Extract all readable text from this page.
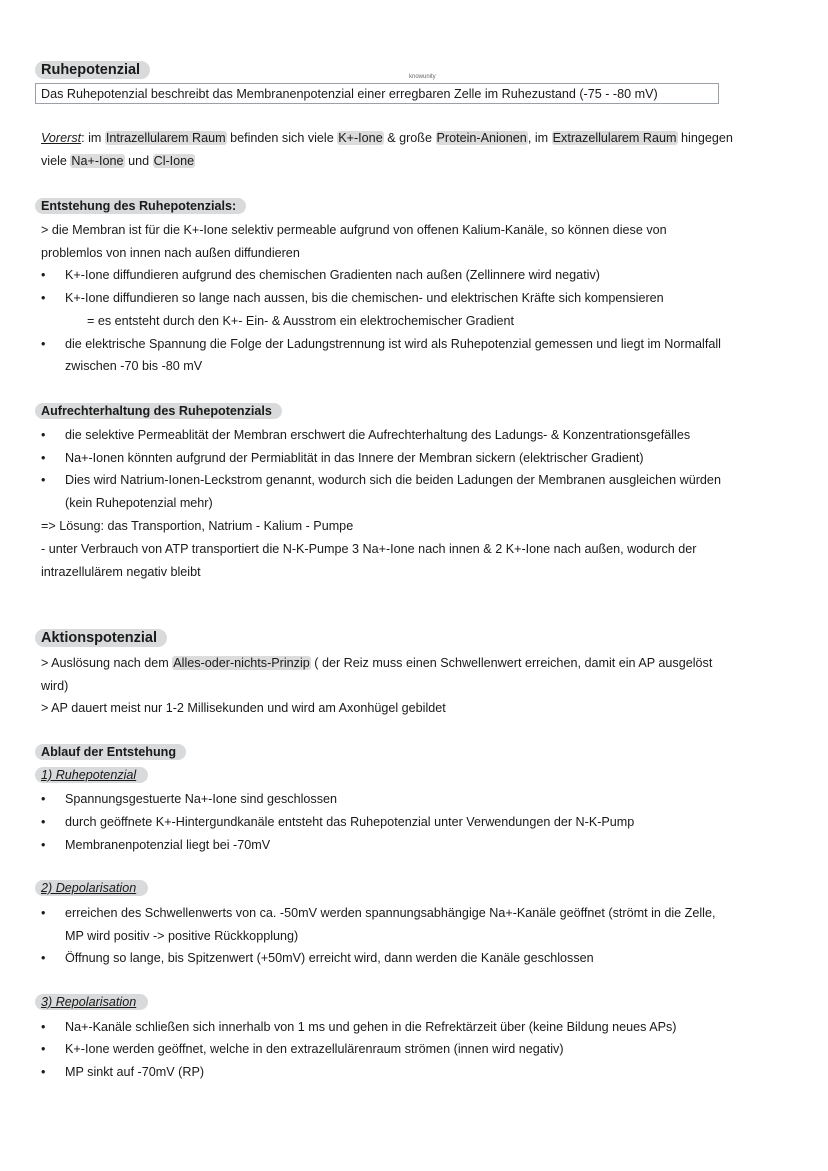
knowunity
Ruhepotenzial
Das Ruhepotenzial beschreibt das Membranenpotenzial einer erregbaren Zelle im Ruhezustand (-75 - -80 mV)
Vorerst: im Intrazellularem Raum befinden sich viele K+-Ione & große Protein-Anionen, im Extrazellularem Raum hingegen
viele Na+-Ione und Cl-Ione
Entstehung des Ruhepotenzials:
> die Membran ist für die K+-Ione selektiv permeable aufgrund von offenen Kalium-Kanäle, so können diese von
problemlos von innen nach außen diffundieren
•	K+-Ione diffundieren aufgrund des chemischen Gradienten nach außen (Zellinnere wird negativ)
•	K+-Ione diffundieren so lange nach aussen, bis die chemischen- und elektrischen Kräfte sich kompensieren
= es entsteht durch den K+- Ein- & Ausstrom ein elektrochemischer Gradient
•	die elektrische Spannung die Folge der Ladungstrennung ist wird als Ruhepotenzial gemessen und liegt im Normalfall
zwischen -70 bis -80 mV
Aufrechterhaltung des Ruhepotenzials
•	die selektive Permeablität der Membran erschwert die Aufrechterhaltung des Ladungs- & Konzentrationsgefälles
•	Na+-Ionen könnten aufgrund der Permiablität in das Innere der Membran sickern (elektrischer Gradient)
•	Dies wird Natrium-Ionen-Leckstrom genannt, wodurch sich die beiden Ladungen der Membranen ausgleichen würden
(kein Ruhepotenzial mehr)
=> Lösung: das Transportion, Natrium - Kalium - Pumpe
- unter Verbrauch von ATP transportiert die N-K-Pumpe 3 Na+-Ione nach innen & 2 K+-Ione nach außen, wodurch der
intrazellulärem negativ bleibt
Aktionspotenzial
> Auslösung nach dem Alles-oder-nichts-Prinzip ( der Reiz muss einen Schwellenwert erreichen, damit ein AP ausgelöst
wird)
> AP dauert meist nur 1-2 Millisekunden und wird am Axonhügel gebildet
Ablauf der Entstehung
1) Ruhepotenzial
•	Spannungsgestuerte Na+-Ione sind geschlossen
•	durch geöffnete K+-Hintergundkanäle entsteht das Ruhepotenzial unter Verwendungen der N-K-Pump
•	Membranenpotenzial liegt bei -70mV
2) Depolarisation
•	erreichen des Schwellenwerts von ca. -50mV werden spannungsabhängige Na+-Kanäle geöffnet (strömt in die Zelle,
MP wird positiv -> positive Rückkopplung)
•	Öffnung so lange, bis Spitzenwert (+50mV) erreicht wird, dann werden die Kanäle geschlossen
3) Repolarisation
•	Na+-Kanäle schließen sich innerhalb von 1 ms und gehen in die Refrektärzeit über (keine Bildung neues APs)
•	K+-Ione werden geöffnet, welche in den extrazellulärenraum strömen (innen wird negativ)
•	MP sinkt auf -70mV (RP)
